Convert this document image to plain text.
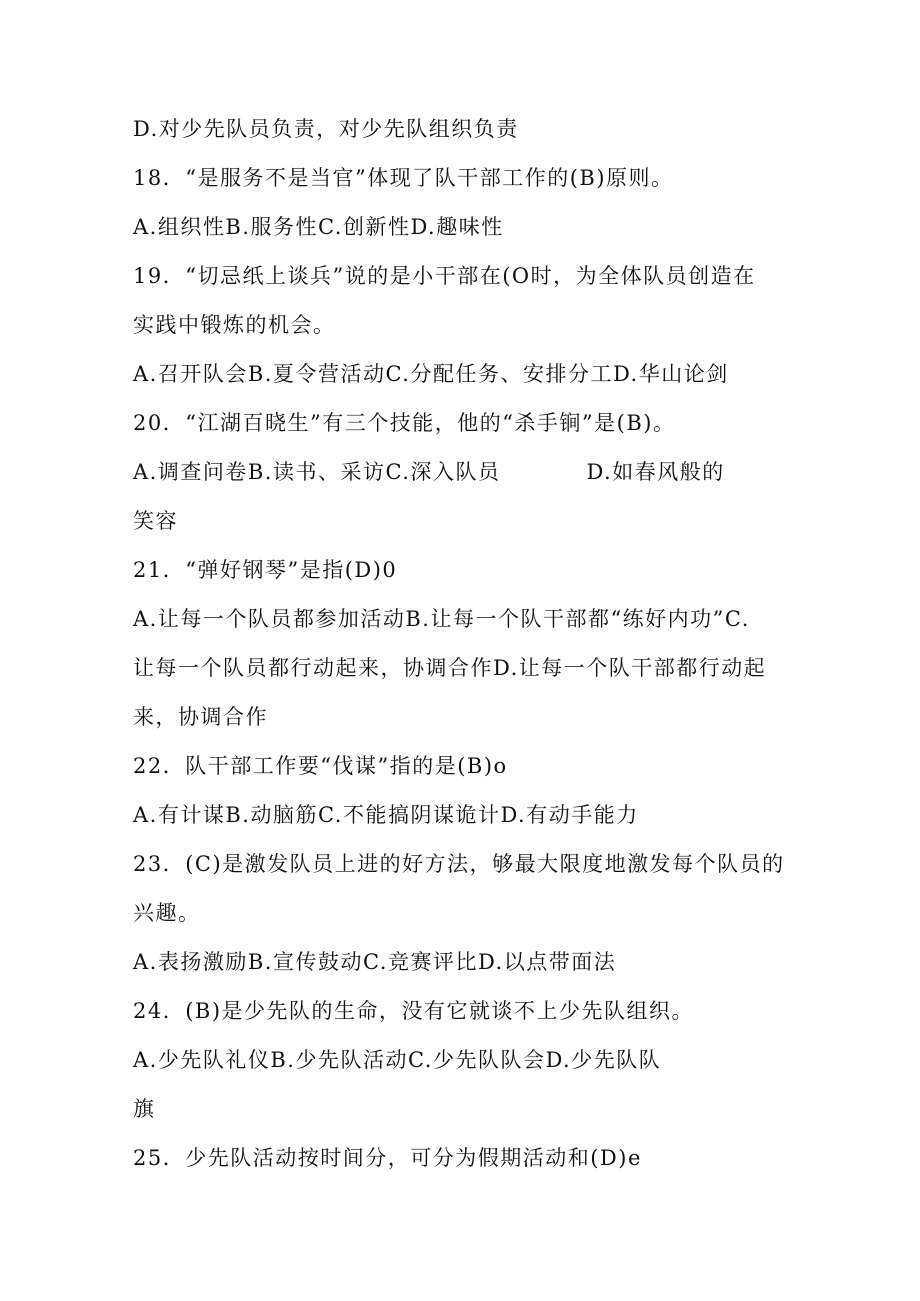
D.对少先队员负责，对少先队组织负责
18．“是服务不是当官”体现了队干部工作的(B)原则。
A.组织性B.服务性C.创新性D.趣味性
19．“切忌纸上谈兵”说的是小干部在(O时，为全体队员创造在
实践中锻炼的机会。
A.召开队会B.夏令营活动C.分配任务、安排分工D.华山论剑
20．“江湖百晓生”有三个技能，他的“杀手锏”是(B)。
A.调查问卷B.读书、采访C.深入队员	D.如春风般的
笑容
21．“弹好钢琴”是指(D)0
A.让每一个队员都参加活动B.让每一个队干部都“练好内功”C.
让每一个队员都行动起来，协调合作D.让每一个队干部都行动起
来，协调合作
22．队干部工作要“伐谋”指的是(B)o
A.有计谋B.动脑筋C.不能搞阴谋诡计D.有动手能力
23．(C)是激发队员上进的好方法，够最大限度地激发每个队员的
兴趣。
A.表扬激励B.宣传鼓动C.竞赛评比D.以点带面法
24．(B)是少先队的生命，没有它就谈不上少先队组织。
A.少先队礼仪B.少先队活动C.少先队队会D.少先队队
旗
25．少先队活动按时间分，可分为假期活动和(D)e
